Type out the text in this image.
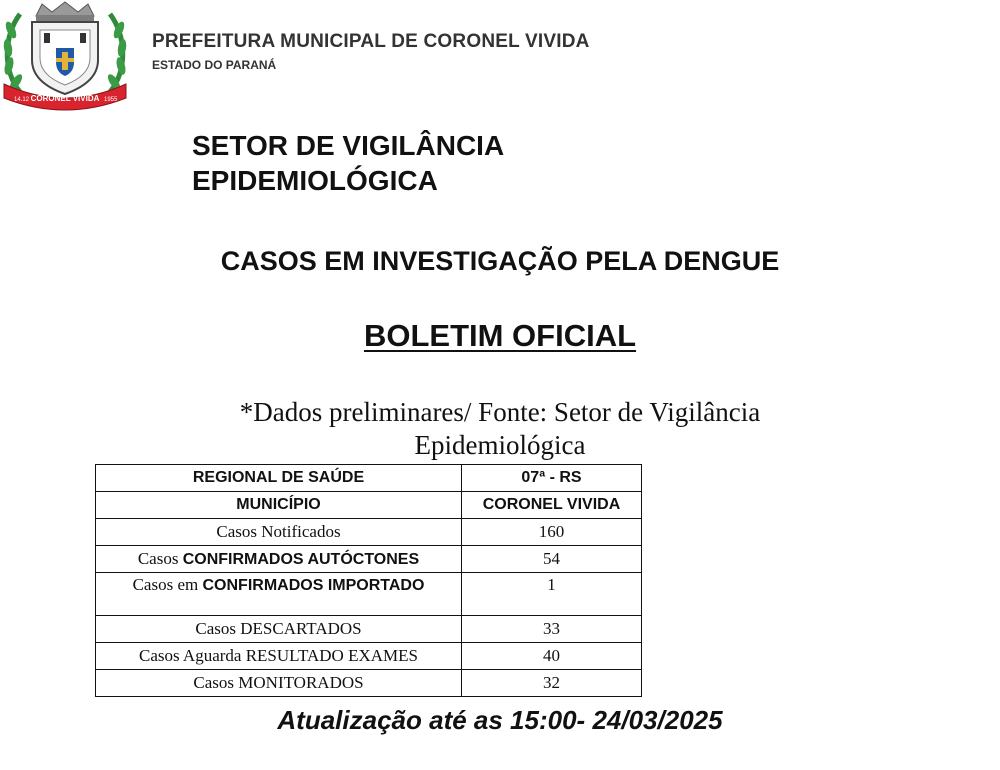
CORONEL VIVIDA
14.12	1955
PREFEITURA MUNICIPAL DE CORONEL VIVIDA
ESTADO DO PARANÁ
SETOR DE VIGILÂNCIA
EPIDEMIOLÓGICA
CASOS EM INVESTIGAÇÃO PELA DENGUE
BOLETIM OFICIAL
*Dados preliminares/ Fonte: Setor de Vigilância
Epidemiológica
REGIONAL DE SAÚDE	07ª - RS
MUNICÍPIO	CORONEL VIVIDA
Casos Notificados	160
Casos CONFIRMADOS AUTÓCTONES	54
Casos em CONFIRMADOS IMPORTADO	1
Casos DESCARTADOS	33
Casos Aguarda RESULTADO EXAMES	40
Casos MONITORADOS	32
Atualização até as 15:00- 24/03/2025
